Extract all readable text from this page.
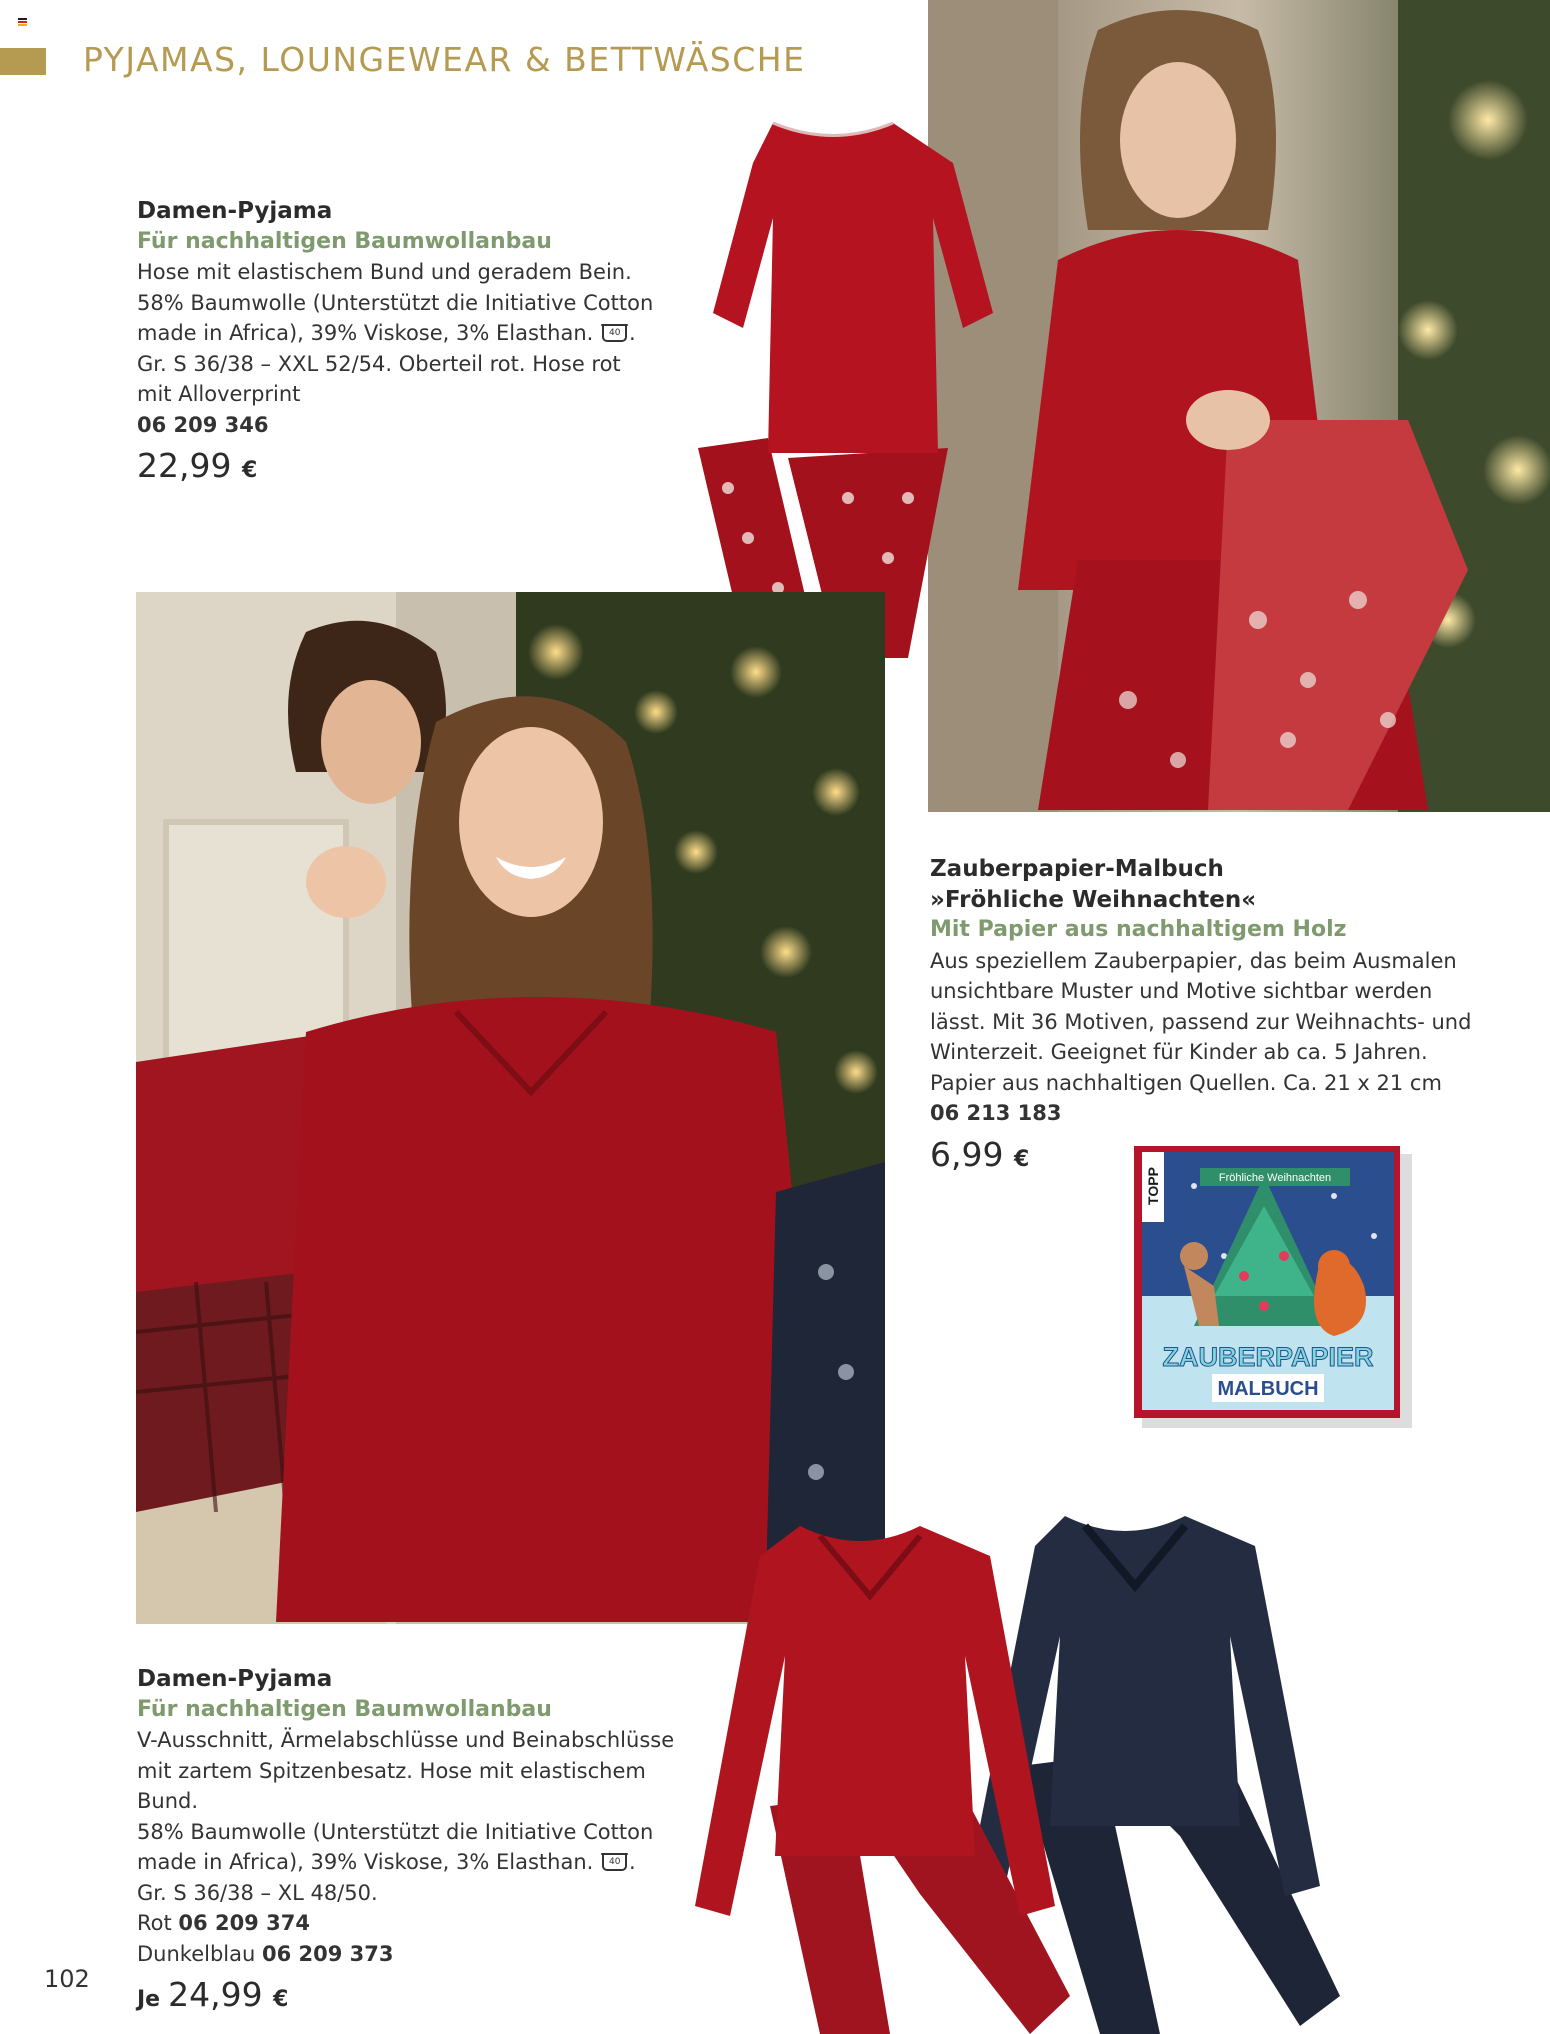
PYJAMAS, LOUNGEWEAR & BETTWÄSCHE
Damen-Pyjama
Für nachhaltigen Baumwollanbau
Hose mit elastischem Bund und geradem Bein.
58% Baumwolle (Unterstützt die Initiative Cotton
made in Africa), 39% Viskose, 3% Elasthan. 40 .
Gr. S 36/38 – XXL 52/54. Oberteil rot. Hose rot
mit Alloverprint
06 209 346
22,99 €
Zauberpapier-Malbuch
»Fröhliche Weihnachten«
Mit Papier aus nachhaltigem Holz
Aus speziellem Zauberpapier, das beim Ausmalen
unsichtbare Muster und Motive sichtbar werden
lässt. Mit 36 Motiven, passend zur Weihnachts- und
Winterzeit. Geeignet für Kinder ab ca. 5 Jahren.
Papier aus nachhaltigen Quellen. Ca. 21 x 21 cm
06 213 183
6,99 €
TOPP	Fröhliche Weihnachten
ZAUBERPAPIER
MALBUCH
Damen-Pyjama
Für nachhaltigen Baumwollanbau
V-Ausschnitt, Ärmelabschlüsse und Beinabschlüsse
mit zartem Spitzenbesatz. Hose mit elastischem Bund.
58% Baumwolle (Unterstützt die Initiative Cotton
made in Africa), 39% Viskose, 3% Elasthan. 40 .
Gr. S 36/38 – XL 48/50.
Rot 06 209 374
Dunkelblau 06 209 373
Je 24,99 €
102
